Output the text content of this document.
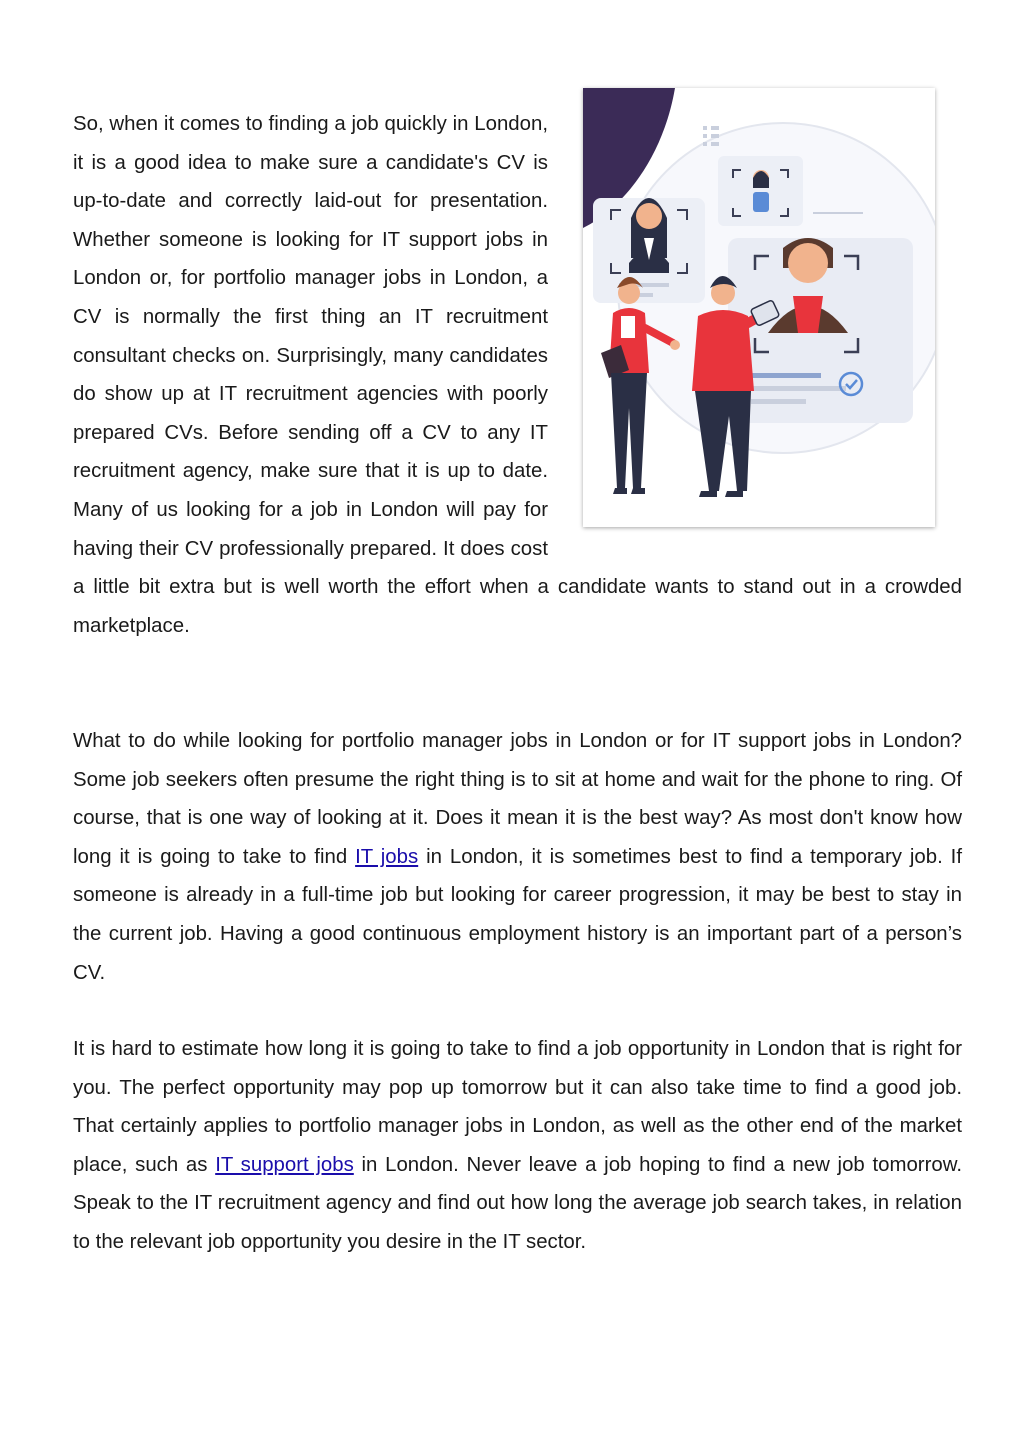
So, when it comes to finding a job quickly in London, it is a good idea to make sure a candidate's CV is up-to-date and correctly laid-out for presentation. Whether someone is looking for IT support jobs in London or, for portfolio manager jobs in London, a CV is normally the first thing an IT recruitment consultant checks on. Surprisingly, many candidates do show up at IT recruitment agencies with poorly prepared CVs. Before sending off a CV to any IT recruitment agency, make sure that it is up to date. Many of us looking for a job in London will pay for having their CV professionally prepared. It does cost a little bit extra but is well worth the effort when a candidate wants to stand out in a crowded marketplace.

What to do while looking for portfolio manager jobs in London or for IT support jobs in London? Some job seekers often presume the right thing is to sit at home and wait for the phone to ring. Of course, that is one way of looking at it. Does it mean it is the best way? As most don't know how long it is going to take to find IT jobs in London, it is sometimes best to find a temporary job. If someone is already in a full-time job but looking for career progression, it may be best to stay in the current job. Having a good continuous employment history is an important part of a person’s CV.

It is hard to estimate how long it is going to take to find a job opportunity in London that is right for you. The perfect opportunity may pop up tomorrow but it can also take time to find a good job. That certainly applies to portfolio manager jobs in London, as well as the other end of the market place, such as IT support jobs in London. Never leave a job hoping to find a new job tomorrow. Speak to the IT recruitment agency and find out how long the average job search takes, in relation to the relevant job opportunity you desire in the IT sector.
